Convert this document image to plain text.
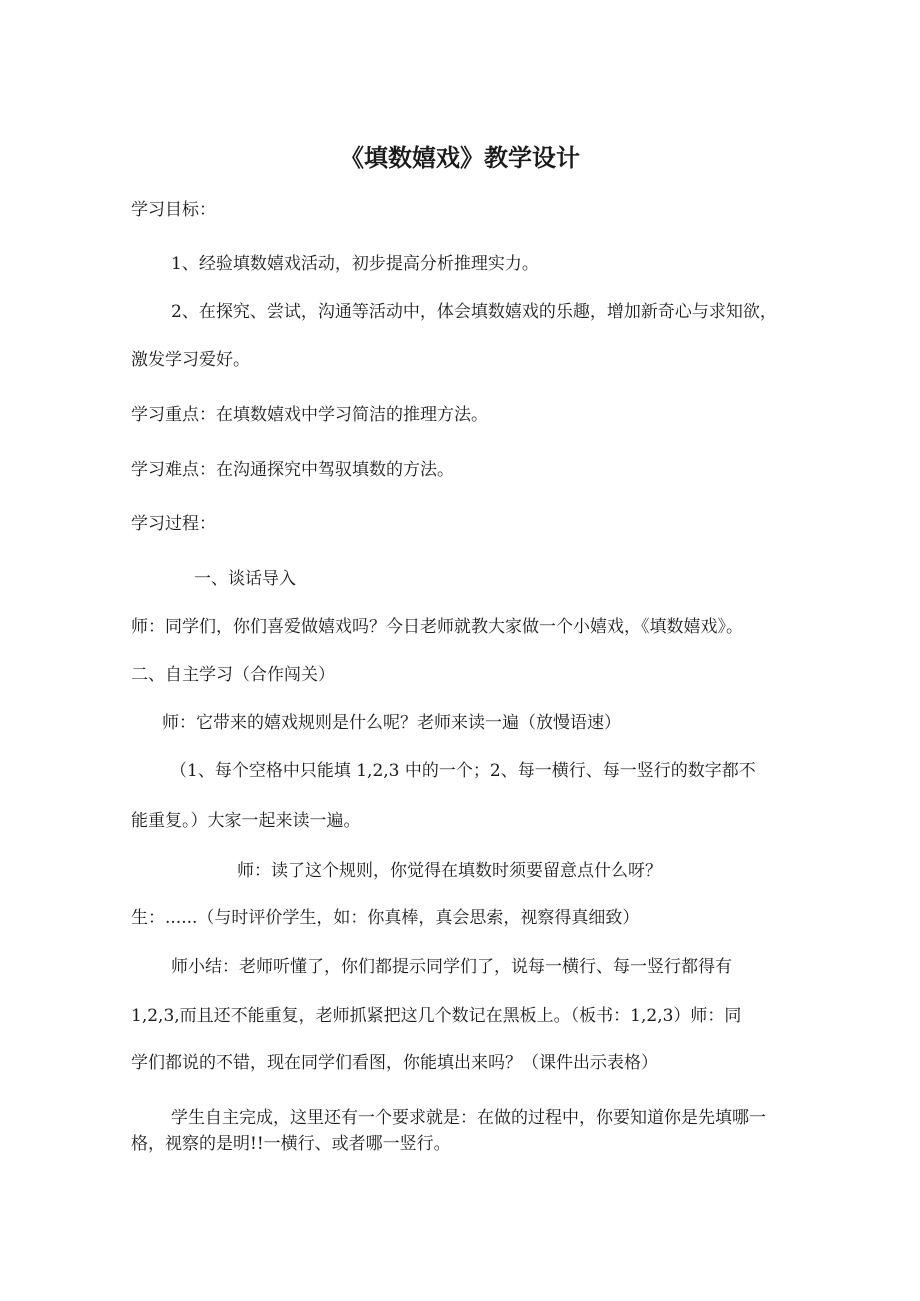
《填数嬉戏》教学设计

学习目标：

1、经验填数嬉戏活动，初步提高分析推理实力。

2、在探究、尝试，沟通等活动中，体会填数嬉戏的乐趣，增加新奇心与求知欲，

激发学习爱好。

学习重点：在填数嬉戏中学习简洁的推理方法。

学习难点：在沟通探究中驾驭填数的方法。

学习过程：

一、谈话导入

师：同学们，你们喜爱做嬉戏吗？今日老师就教大家做一个小嬉戏，《填数嬉戏》。

二、自主学习（合作闯关）

师：它带来的嬉戏规则是什么呢？老师来读一遍（放慢语速）

（1、每个空格中只能填 1,2,3 中的一个；2、每一横行、每一竖行的数字都不

能重复。）大家一起来读一遍。

师：读了这个规则，你觉得在填数时须要留意点什么呀？

生：......（与时评价学生，如：你真棒，真会思索，视察得真细致）

师小结：老师听懂了，你们都提示同学们了，说每一横行、每一竖行都得有

1,2,3,而且还不能重复，老师抓紧把这几个数记在黑板上。（板书：1,2,3）师：同

学们都说的不错，现在同学们看图，你能填出来吗？（课件出示表格）

学生自主完成，这里还有一个要求就是：在做的过程中，你要知道你是先填哪一

格，视察的是明!!一横行、或者哪一竖行。
